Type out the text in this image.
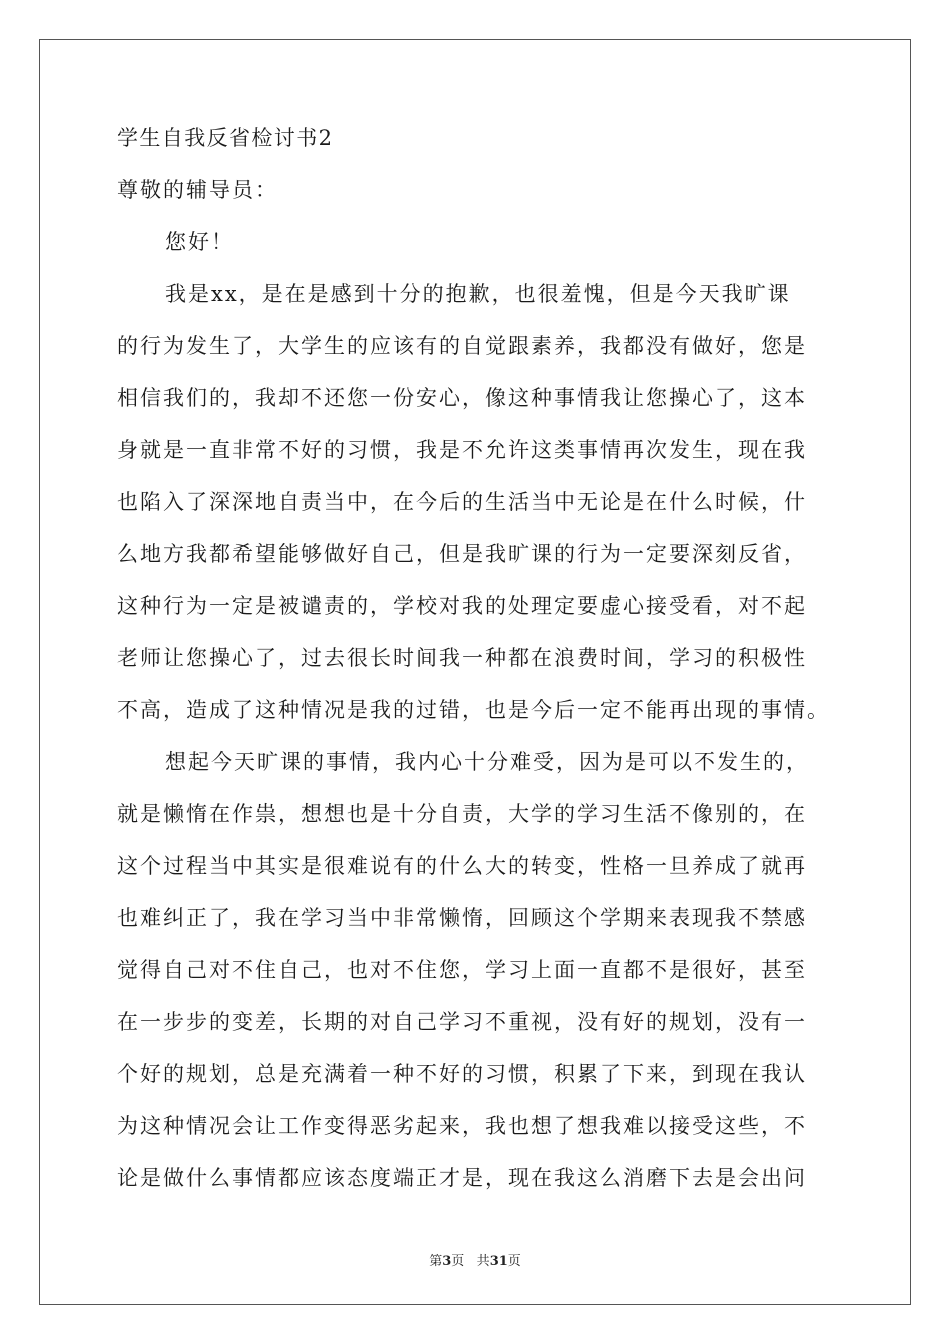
学生自我反省检讨书2
尊敬的辅导员：
您好！
我是xx，是在是感到十分的抱歉，也很羞愧，但是今天我旷课
的行为发生了，大学生的应该有的自觉跟素养，我都没有做好，您是
相信我们的，我却不还您一份安心，像这种事情我让您操心了，这本
身就是一直非常不好的习惯，我是不允许这类事情再次发生，现在我
也陷入了深深地自责当中，在今后的生活当中无论是在什么时候，什
么地方我都希望能够做好自己，但是我旷课的行为一定要深刻反省，
这种行为一定是被谴责的，学校对我的处理定要虚心接受看，对不起
老师让您操心了，过去很长时间我一种都在浪费时间，学习的积极性
不高，造成了这种情况是我的过错，也是今后一定不能再出现的事情。
想起今天旷课的事情，我内心十分难受，因为是可以不发生的，
就是懒惰在作祟，想想也是十分自责，大学的学习生活不像别的，在
这个过程当中其实是很难说有的什么大的转变，性格一旦养成了就再
也难纠正了，我在学习当中非常懒惰，回顾这个学期来表现我不禁感
觉得自己对不住自己，也对不住您，学习上面一直都不是很好，甚至
在一步步的变差，长期的对自己学习不重视，没有好的规划，没有一
个好的规划，总是充满着一种不好的习惯，积累了下来，到现在我认
为这种情况会让工作变得恶劣起来，我也想了想我难以接受这些，不
论是做什么事情都应该态度端正才是，现在我这么消磨下去是会出问
第3页 共31页
